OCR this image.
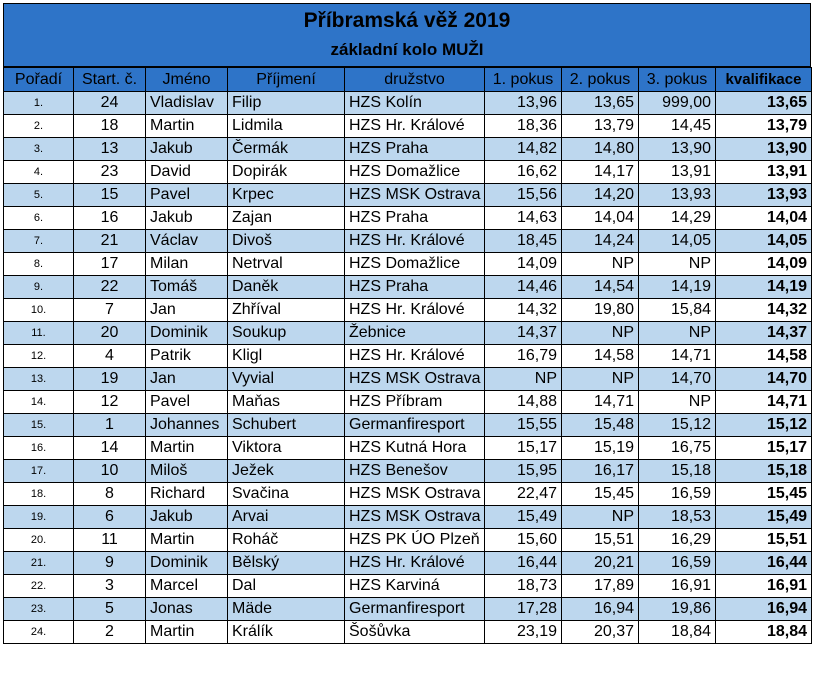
Příbramská věž 2019
základní kolo MUŽI
Pořadí	Start. č.	Jméno	Příjmení	družstvo	1. pokus	2. pokus	3. pokus	kvalifikace
1.	24	Vladislav	Filip	HZS Kolín	13,96	13,65	999,00	13,65
2.	18	Martin	Lidmila	HZS Hr. Králové	18,36	13,79	14,45	13,79
3.	13	Jakub	Čermák	HZS Praha	14,82	14,80	13,90	13,90
4.	23	David	Dopirák	HZS Domažlice	16,62	14,17	13,91	13,91
5.	15	Pavel	Krpec	HZS MSK Ostrava	15,56	14,20	13,93	13,93
6.	16	Jakub	Zajan	HZS Praha	14,63	14,04	14,29	14,04
7.	21	Václav	Divoš	HZS Hr. Králové	18,45	14,24	14,05	14,05
8.	17	Milan	Netrval	HZS Domažlice	14,09	NP	NP	14,09
9.	22	Tomáš	Daněk	HZS Praha	14,46	14,54	14,19	14,19
10.	7	Jan	Zhříval	HZS Hr. Králové	14,32	19,80	15,84	14,32
11.	20	Dominik	Soukup	Žebnice	14,37	NP	NP	14,37
12.	4	Patrik	Kligl	HZS Hr. Králové	16,79	14,58	14,71	14,58
13.	19	Jan	Vyvial	HZS MSK Ostrava	NP	NP	14,70	14,70
14.	12	Pavel	Maňas	HZS Příbram	14,88	14,71	NP	14,71
15.	1	Johannes	Schubert	Germanfiresport	15,55	15,48	15,12	15,12
16.	14	Martin	Viktora	HZS Kutná Hora	15,17	15,19	16,75	15,17
17.	10	Miloš	Ježek	HZS Benešov	15,95	16,17	15,18	15,18
18.	8	Richard	Svačina	HZS MSK Ostrava	22,47	15,45	16,59	15,45
19.	6	Jakub	Arvai	HZS MSK Ostrava	15,49	NP	18,53	15,49
20.	11	Martin	Roháč	HZS PK ÚO Plzeň	15,60	15,51	16,29	15,51
21.	9	Dominik	Bělský	HZS Hr. Králové	16,44	20,21	16,59	16,44
22.	3	Marcel	Dal	HZS Karviná	18,73	17,89	16,91	16,91
23.	5	Jonas	Mäde	Germanfiresport	17,28	16,94	19,86	16,94
24.	2	Martin	Králík	Šošůvka	23,19	20,37	18,84	18,84
